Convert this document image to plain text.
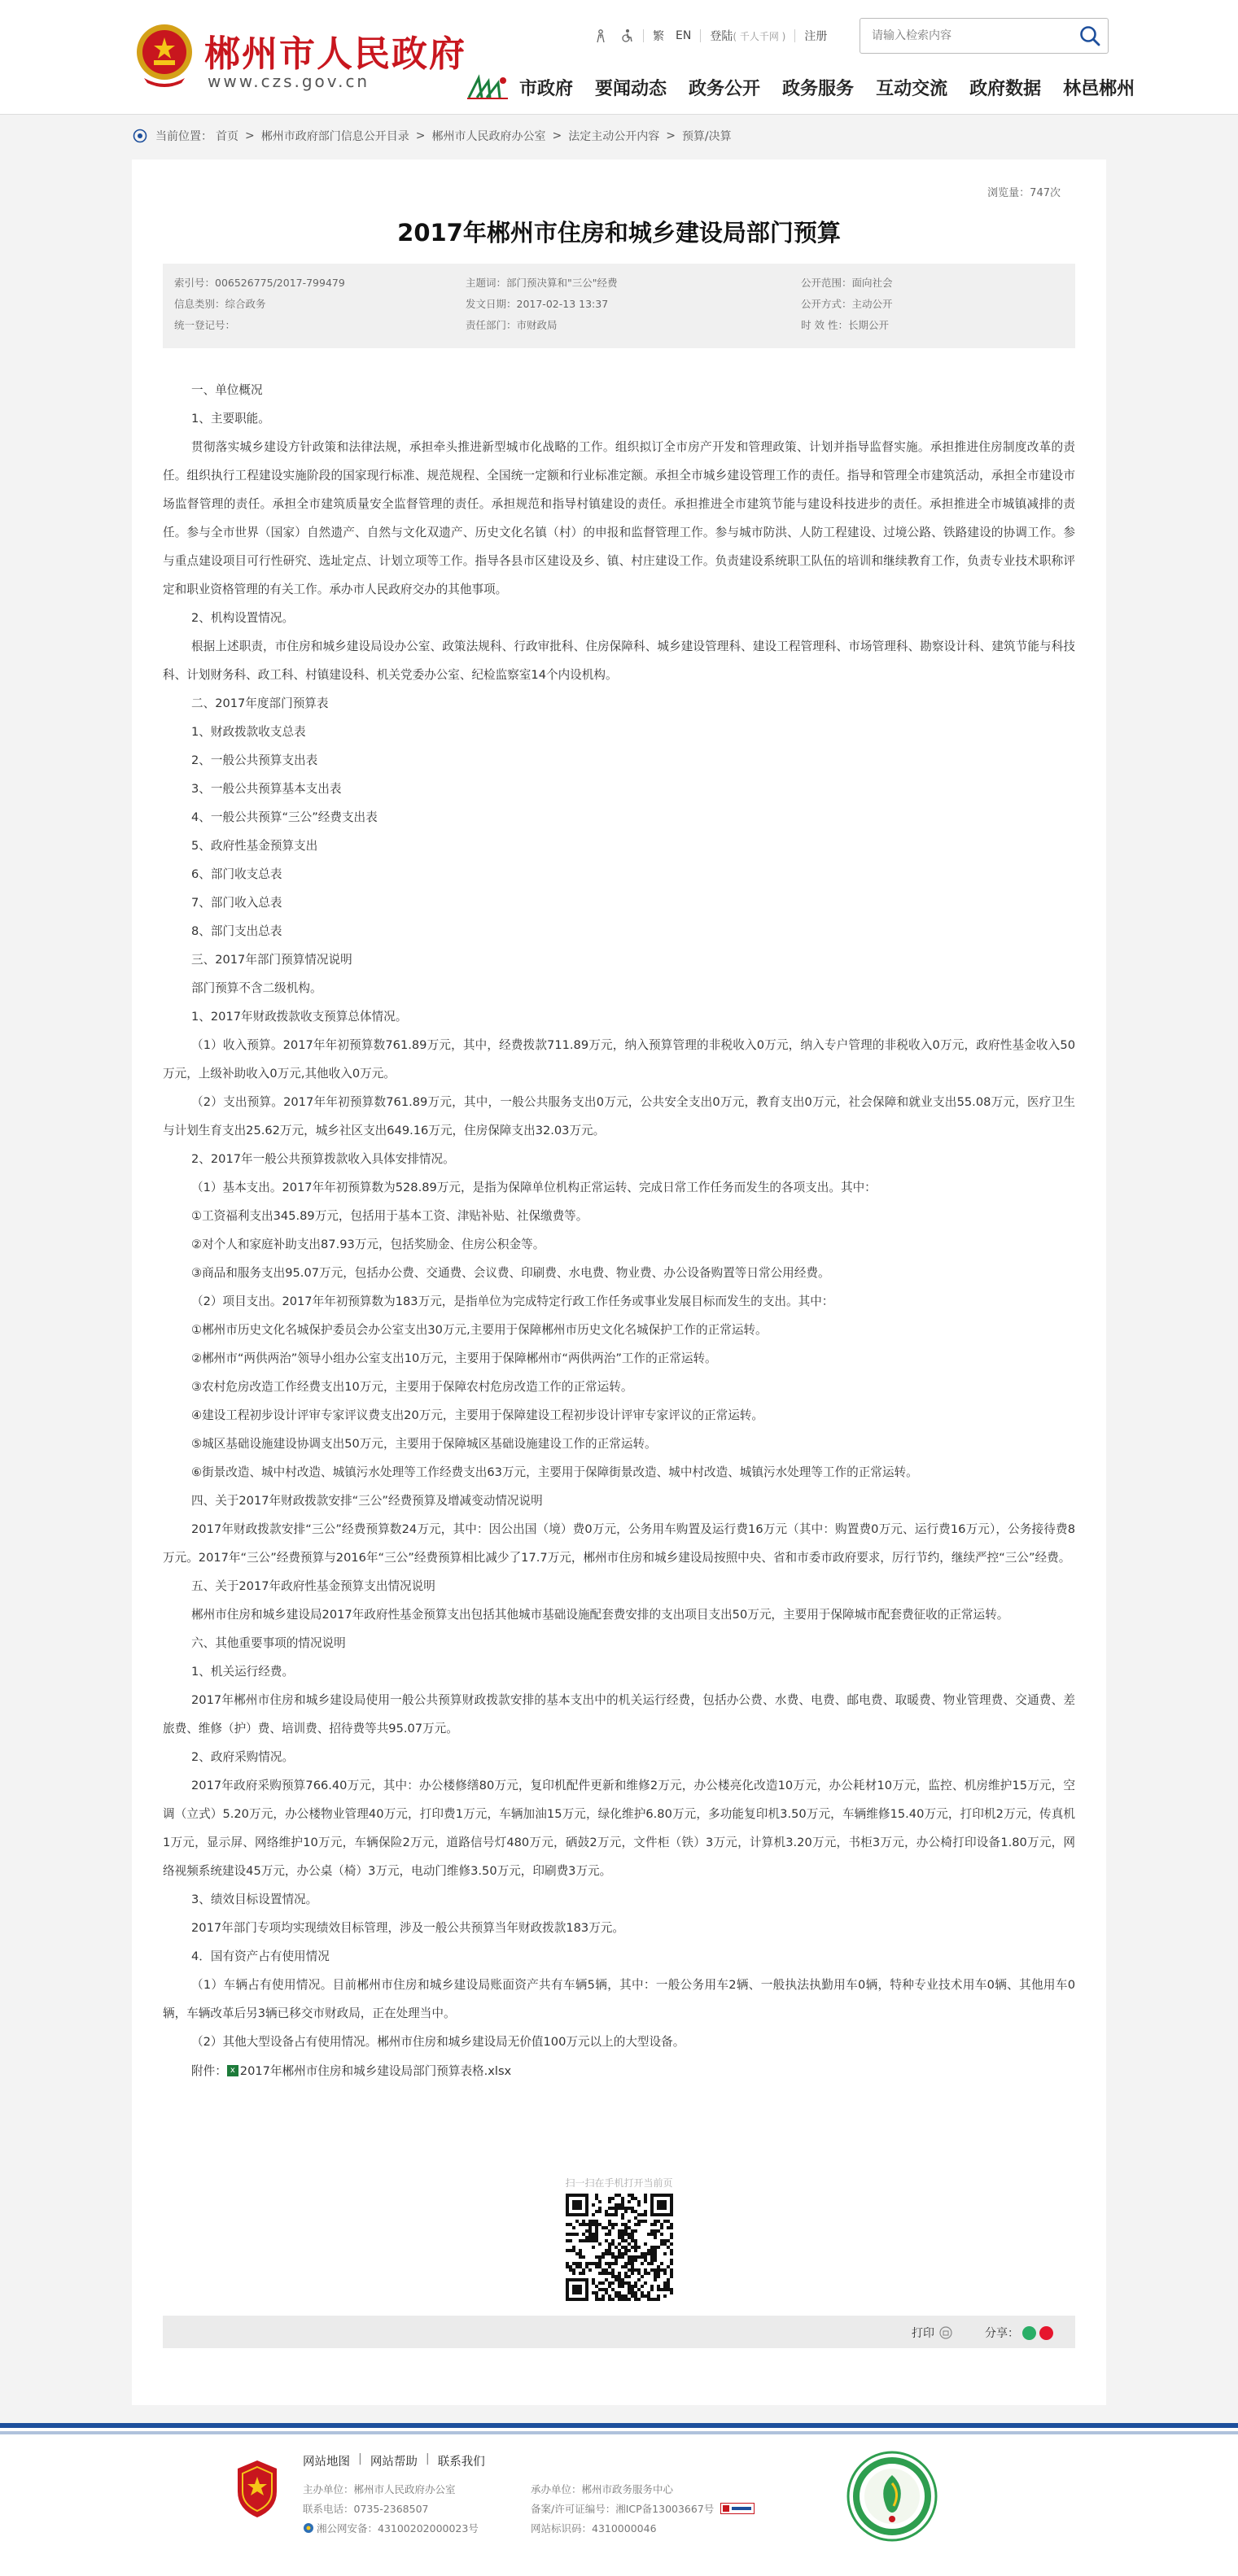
郴州市人民政府
www.czs.gov.cn
繁 EN 登陆 ( 千人千网 ) 注册
请输入检索内容
市政府 要闻动态 政务公开 政务服务 互动交流 政府数据 林邑郴州
当前位置： 首页 > 郴州市政府部门信息公开目录 > 郴州市人民政府办公室 > 法定主动公开内容 > 预算/决算
浏览量：747次
2017年郴州市住房和城乡建设局部门预算
索引号：006526775/2017-799479	主题词：部门预决算和"三公"经费	公开范围：面向社会
信息类别：综合政务	发文日期：2017-02-13 13:37	公开方式：主动公开
统一登记号：	责任部门：市财政局	时 效 性：长期公开

一、单位概况

1、主要职能。

贯彻落实城乡建设方针政策和法律法规，承担牵头推进新型城市化战略的工作。组织拟订全市房产开发和管理政策、计划并指导监督实施。承担推进住房制度改革的责任。组织执行工程建设实施阶段的国家现行标准、规范规程、全国统一定额和行业标准定额。承担全市城乡建设管理工作的责任。指导和管理全市建筑活动，承担全市建设市场监督管理的责任。承担全市建筑质量安全监督管理的责任。承担规范和指导村镇建设的责任。承担推进全市建筑节能与建设科技进步的责任。承担推进全市城镇减排的责任。参与全市世界（国家）自然遗产、自然与文化双遗产、历史文化名镇（村）的申报和监督管理工作。参与城市防洪、人防工程建设、过境公路、铁路建设的协调工作。参与重点建设项目可行性研究、选址定点、计划立项等工作。指导各县市区建设及乡、镇、村庄建设工作。负责建设系统职工队伍的培训和继续教育工作，负责专业技术职称评定和职业资格管理的有关工作。承办市人民政府交办的其他事项。

2、机构设置情况。

根据上述职责，市住房和城乡建设局设办公室、政策法规科、行政审批科、住房保障科、城乡建设管理科、建设工程管理科、市场管理科、勘察设计科、建筑节能与科技科、计划财务科、政工科、村镇建设科、机关党委办公室、纪检监察室14个内设机构。

二、2017年度部门预算表

1、财政拨款收支总表

2、一般公共预算支出表

3、一般公共预算基本支出表

4、一般公共预算“三公”经费支出表

5、政府性基金预算支出

6、部门收支总表

7、部门收入总表

8、部门支出总表

三、2017年部门预算情况说明

部门预算不含二级机构。

1、2017年财政拨款收支预算总体情况。

（1）收入预算。2017年年初预算数761.89万元，其中，经费拨款711.89万元，纳入预算管理的非税收入0万元，纳入专户管理的非税收入0万元，政府性基金收入50万元，上级补助收入0万元,其他收入0万元。

（2）支出预算。2017年年初预算数761.89万元，其中，一般公共服务支出0万元，公共安全支出0万元，教育支出0万元，社会保障和就业支出55.08万元，医疗卫生与计划生育支出25.62万元，城乡社区支出649.16万元，住房保障支出32.03万元。

2、2017年一般公共预算拨款收入具体安排情况。

（1）基本支出。2017年年初预算数为528.89万元，是指为保障单位机构正常运转、完成日常工作任务而发生的各项支出。其中：

①工资福利支出345.89万元，包括用于基本工资、津贴补贴、社保缴费等。

②对个人和家庭补助支出87.93万元，包括奖励金、住房公积金等。

③商品和服务支出95.07万元，包括办公费、交通费、会议费、印刷费、水电费、物业费、办公设备购置等日常公用经费。

（2）项目支出。2017年年初预算数为183万元，是指单位为完成特定行政工作任务或事业发展目标而发生的支出。其中：

①郴州市历史文化名城保护委员会办公室支出30万元,主要用于保障郴州市历史文化名城保护工作的正常运转。

②郴州市“两供两治”领导小组办公室支出10万元，主要用于保障郴州市“两供两治”工作的正常运转。

③农村危房改造工作经费支出10万元，主要用于保障农村危房改造工作的正常运转。

④建设工程初步设计评审专家评议费支出20万元，主要用于保障建设工程初步设计评审专家评议的正常运转。

⑤城区基础设施建设协调支出50万元，主要用于保障城区基础设施建设工作的正常运转。

⑥街景改造、城中村改造、城镇污水处理等工作经费支出63万元，主要用于保障街景改造、城中村改造、城镇污水处理等工作的正常运转。

四、关于2017年财政拨款安排“三公”经费预算及增减变动情况说明

2017年财政拨款安排“三公”经费预算数24万元，其中：因公出国（境）费0万元，公务用车购置及运行费16万元（其中：购置费0万元、运行费16万元），公务接待费8万元。2017年“三公”经费预算与2016年“三公”经费预算相比减少了17.7万元，郴州市住房和城乡建设局按照中央、省和市委市政府要求，厉行节约，继续严控“三公”经费。

五、关于2017年政府性基金预算支出情况说明

郴州市住房和城乡建设局2017年政府性基金预算支出包括其他城市基础设施配套费安排的支出项目支出50万元，主要用于保障城市配套费征收的正常运转。

六、其他重要事项的情况说明

1、机关运行经费。

2017年郴州市住房和城乡建设局使用一般公共预算财政拨款安排的基本支出中的机关运行经费，包括办公费、水费、电费、邮电费、取暖费、物业管理费、交通费、差旅费、维修（护）费、培训费、招待费等共95.07万元。

2、政府采购情况。

2017年政府采购预算766.40万元，其中：办公楼修缮80万元，复印机配件更新和维修2万元，办公楼亮化改造10万元，办公耗材10万元，监控、机房维护15万元，空调（立式）5.20万元，办公楼物业管理40万元，打印费1万元，车辆加油15万元，绿化维护6.80万元，多功能复印机3.50万元，车辆维修15.40万元，打印机2万元，传真机1万元，显示屏、网络维护10万元，车辆保险2万元，道路信号灯480万元，硒鼓2万元，文件柜（铁）3万元，计算机3.20万元，书柜3万元，办公椅打印设备1.80万元，网络视频系统建设45万元，办公桌（椅）3万元，电动门维修3.50万元，印刷费3万元。

3、绩效目标设置情况。

2017年部门专项均实现绩效目标管理，涉及一般公共预算当年财政拨款183万元。

4．国有资产占有使用情况

（1）车辆占有使用情况。目前郴州市住房和城乡建设局账面资产共有车辆5辆，其中：一般公务用车2辆、一般执法执勤用车0辆，特种专业技术用车0辆、其他用车0辆，车辆改革后另3辆已移交市财政局，正在处理当中。

（2）其他大型设备占有使用情况。郴州市住房和城乡建设局无价值100万元以上的大型设备。

附件： x 2017年郴州市住房和城乡建设局部门预算表格.xlsx
扫一扫在手机打开当前页
打印	分享：
网站地图 | 网站帮助 | 联系我们
主办单位：郴州市人民政府办公室	承办单位：郴州市政务服务中心
联系电话：0735-2368507	备案/许可证编号：湘ICP备13003667号
湘公网安备：43100202000023号	网站标识码：4310000046
